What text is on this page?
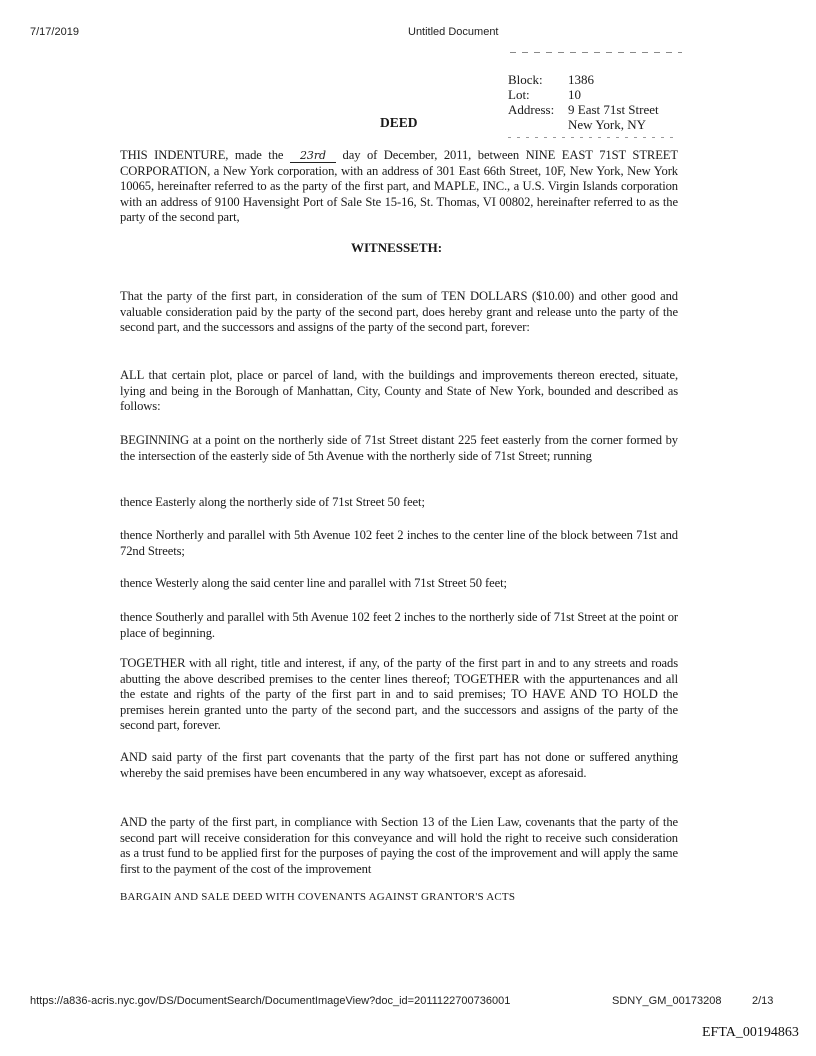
7/17/2019	Untitled Document
Block: 1386
Lot:	10
Address: 9 East 71st Street
New York, NY
DEED
THIS INDENTURE, made the 23rd day of December, 2011, between NINE EAST 71ST STREET CORPORATION, a New York corporation, with an address of 301 East 66th Street, 10F, New York, New York 10065, hereinafter referred to as the party of the first part, and MAPLE, INC., a U.S. Virgin Islands corporation with an address of 9100 Havensight Port of Sale Ste 15-16, St. Thomas, VI 00802, hereinafter referred to as the party of the second part,
WITNESSETH:
That the party of the first part, in consideration of the sum of TEN DOLLARS ($10.00) and other good and valuable consideration paid by the party of the second part, does hereby grant and release unto the party of the second part, and the successors and assigns of the party of the second part, forever:
ALL that certain plot, place or parcel of land, with the buildings and improvements thereon erected, situate, lying and being in the Borough of Manhattan, City, County and State of New York, bounded and described as follows:
BEGINNING at a point on the northerly side of 71st Street distant 225 feet easterly from the corner formed by the intersection of the easterly side of 5th Avenue with the northerly side of 71st Street; running
thence Easterly along the northerly side of 71st Street 50 feet;
thence Northerly and parallel with 5th Avenue 102 feet 2 inches to the center line of the block between 71st and 72nd Streets;
thence Westerly along the said center line and parallel with 71st Street 50 feet;
thence Southerly and parallel with 5th Avenue 102 feet 2 inches to the northerly side of 71st Street at the point or place of beginning.
TOGETHER with all right, title and interest, if any, of the party of the first part in and to any streets and roads abutting the above described premises to the center lines thereof; TOGETHER with the appurtenances and all the estate and rights of the party of the first part in and to said premises; TO HAVE AND TO HOLD the premises herein granted unto the party of the second part, and the successors and assigns of the party of the second part, forever.
AND said party of the first part covenants that the party of the first part has not done or suffered anything whereby the said premises have been encumbered in any way whatsoever, except as aforesaid.
AND the party of the first part, in compliance with Section 13 of the Lien Law, covenants that the party of the second part will receive consideration for this conveyance and will hold the right to receive such consideration as a trust fund to be applied first for the purposes of paying the cost of the improvement and will apply the same first to the payment of the cost of the improvement
BARGAIN AND SALE DEED WITH COVENANTS AGAINST GRANTOR'S ACTS
https://a836-acris.nyc.gov/DS/DocumentSearch/DocumentImageView?doc_id=2011122700736001	SDNY_GM_00173208	2/13
EFTA_00194863
